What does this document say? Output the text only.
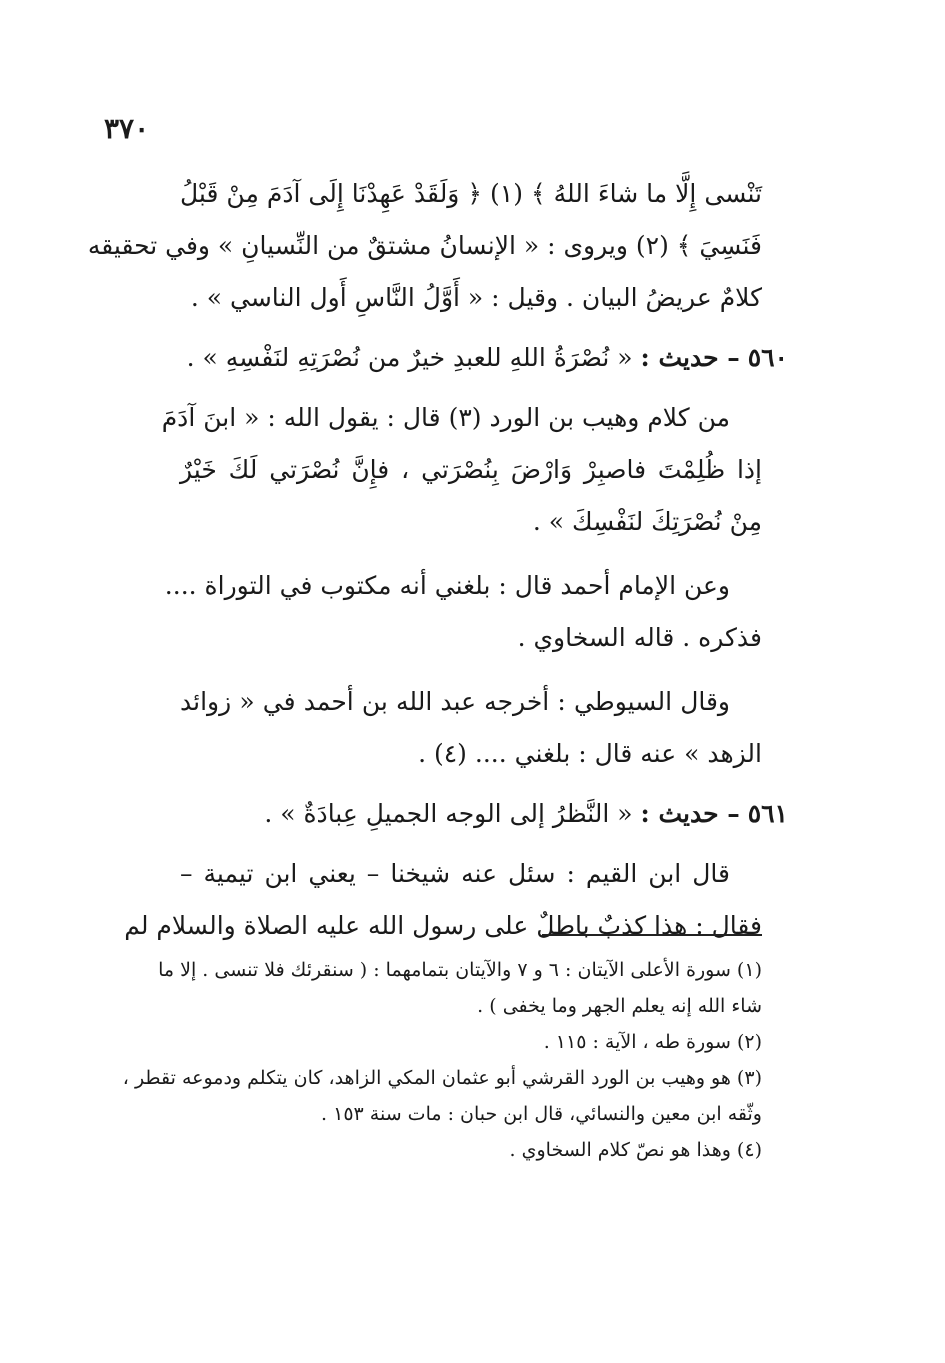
٣٧٠
تَنْسى إِلَّا ما شاءَ اللهُ ﴾ (١) ﴿ وَلَقَدْ عَهِدْنَا إِلَى آدَمَ مِنْ قَبْلُ
فَنَسِيَ ﴾ (٢) ويروى : « الإنسانُ مشتقٌ من النِّسيانِ » وفي تحقيقه
كلامٌ عريضُ البيان . وقيل : « أَوَّلُ النَّاسِ أَول الناسي » .
٥٦٠ – حديث : « نُصْرَةُ اللهِ للعبدِ خيرٌ من نُصْرَتِهِ لنَفْسِهِ » .
من كلام وهيب بن الورد (٣) قال : يقول الله : « ابنَ آدَمَ
إذا ظُلِمْتَ فاصبِرْ وَارْضَ بِنُصْرَتي ، فإِنَّ نُصْرَتي لَكَ خَيْرٌ
مِنْ نُصْرَتِكَ لنَفْسِكَ » .
وعن الإمام أحمد قال : بلغني أنه مكتوب في التوراة ....
فذكره . قاله السخاوي .
وقال السيوطي : أخرجه عبد الله بن أحمد في « زوائد
الزهد » عنه قال : بلغني .... (٤) .
٥٦١ – حديث : « النَّظرُ إلى الوجه الجميلِ عِبادَةٌ » .
قال ابن القيم : سئل عنه شيخنا – يعني ابن تيمية –
فقال : هذا كذبٌ باطلٌ على رسول الله عليه الصلاة والسلام لم
(١) سورة الأعلى الآيتان : ٦ و ٧ والآيتان بتمامهما : ( سنقرئك فلا تنسى . إلا ما
شاء الله إنه يعلم الجهر وما يخفى ) .
(٢) سورة طه ، الآية : ١١٥ .
(٣) هو وهيب بن الورد القرشي أبو عثمان المكي الزاهد، كان يتكلم ودموعه تقطر ،
وثّقه ابن معين والنسائي، قال ابن حبان : مات سنة ١٥٣ .
(٤) وهذا هو نصّ كلام السخاوي .
